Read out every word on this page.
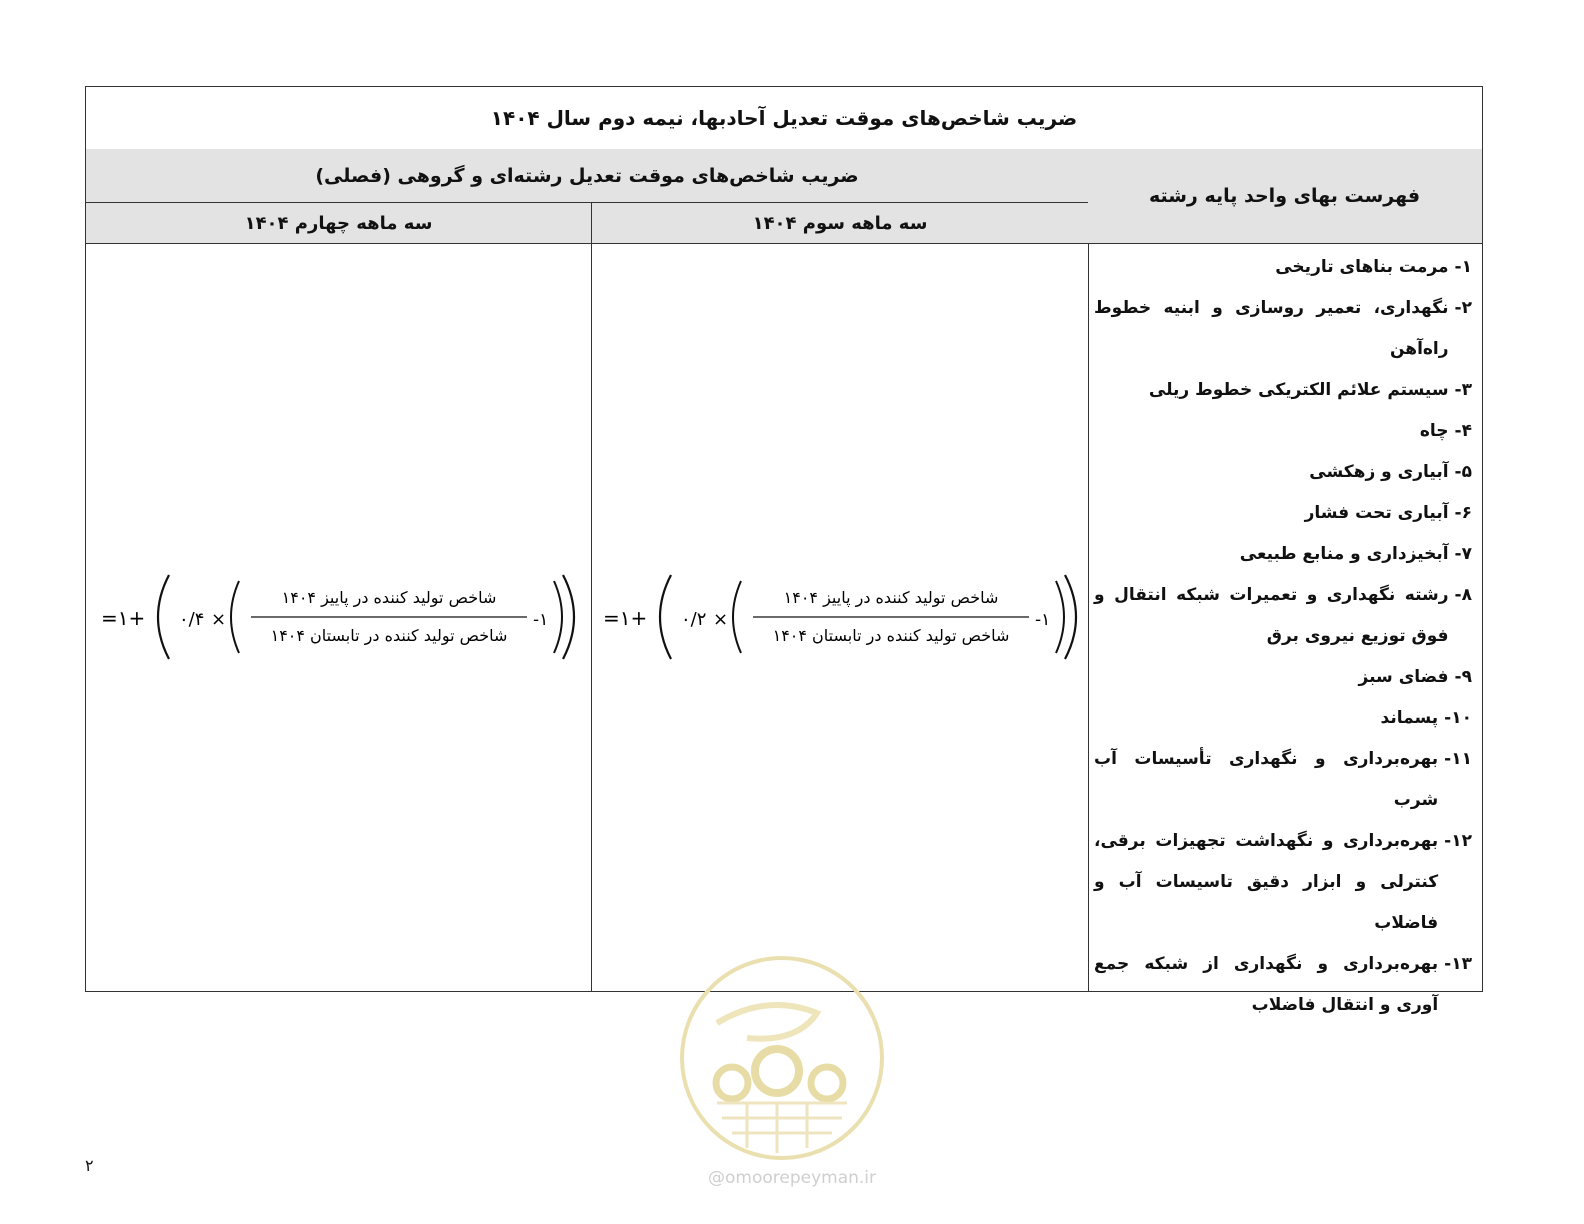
ضریب شاخص‌های موقت تعدیل آحادبها، نیمه دوم سال ۱۴۰۴
فهرست بهای واحد پایه رشته
ضریب شاخص‌های موقت تعدیل رشته‌ای و گروهی (فصلی)
سه ماهه سوم ۱۴۰۴
سه ماهه چهارم ۱۴۰۴
۱-
مرمت بناهای تاریخی
۲-
نگهداری، تعمیر روسازی و ابنیه خطوط راه‌آهن
۳-
سیستم علائم الکتریکی خطوط ریلی
۴-
چاه
۵-
آبیاری و زهکشی
۶-
آبیاری تحت فشار
۷-
آبخیزداری و منابع طبیعی
۸-
رشته نگهداری و تعمیرات شبکه انتقال و فوق توزیع نیروی برق
۹-
فضای سبز
۱۰-
پسماند
۱۱-
بهره‌برداری و نگهداری تأسیسات آب شرب
۱۲-
بهره‌برداری و نگهداشت تجهیزات برقی، کنترلی و ابزار دقیق تاسیسات آب و فاضلاب
۱۳-
بهره‌برداری و نگهداری از شبکه جمع آوری و انتقال فاضلاب
=۱+ ۰/۲ ×
شاخص تولید کننده در پاییز ۱۴۰۴
شاخص تولید کننده در تابستان ۱۴۰۴
-۱
=۱+ ۰/۴ ×
شاخص تولید کننده در پاییز ۱۴۰۴
شاخص تولید کننده در تابستان ۱۴۰۴
-۱
@omoorepeyman.ir
۲
